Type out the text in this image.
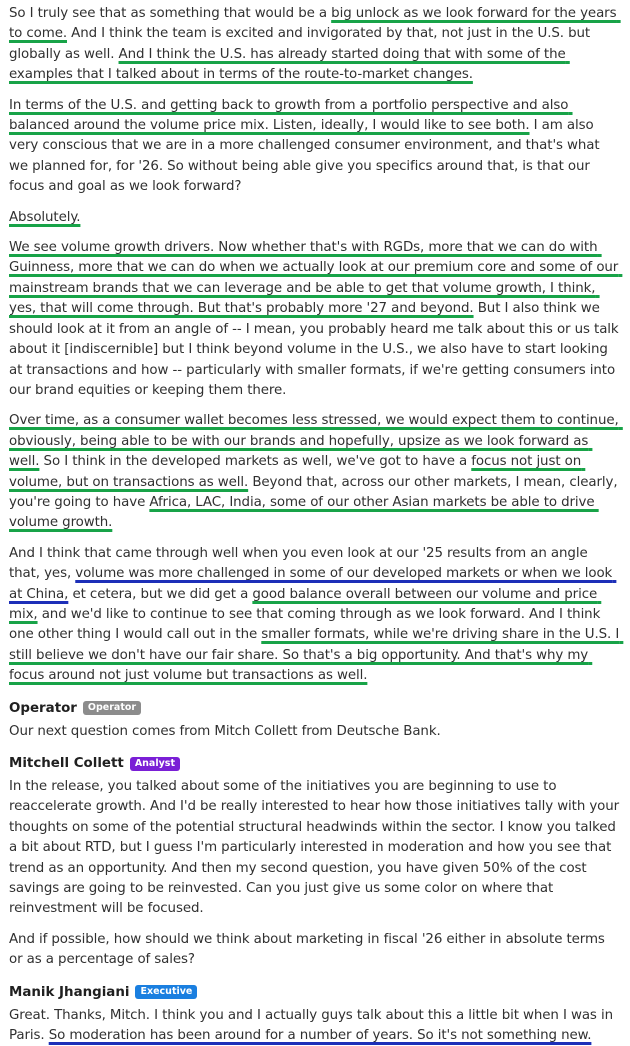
So I truly see that as something that would be a big unlock as we look forward for the years to come. And I think the team is excited and invigorated by that, not just in the U.S. but globally as well. And I think the U.S. has already started doing that with some of the examples that I talked about in terms of the route-to-market changes.

In terms of the U.S. and getting back to growth from a portfolio perspective and also balanced around the volume price mix. Listen, ideally, I would like to see both. I am also very conscious that we are in a more challenged consumer environment, and that's what we planned for, for '26. So without being able give you specifics around that, is that our focus and goal as we look forward?

Absolutely.

We see volume growth drivers. Now whether that's with RGDs, more that we can do with Guinness, more that we can do when we actually look at our premium core and some of our mainstream brands that we can leverage and be able to get that volume growth, I think, yes, that will come through. But that's probably more '27 and beyond. But I also think we should look at it from an angle of -- I mean, you probably heard me talk about this or us talk about it [indiscernible] but I think beyond volume in the U.S., we also have to start looking at transactions and how -- particularly with smaller formats, if we're getting consumers into our brand equities or keeping them there.

Over time, as a consumer wallet becomes less stressed, we would expect them to continue, obviously, being able to be with our brands and hopefully, upsize as we look forward as well. So I think in the developed markets as well, we've got to have a focus not just on volume, but on transactions as well. Beyond that, across our other markets, I mean, clearly, you're going to have Africa, LAC, India, some of our other Asian markets be able to drive volume growth.

And I think that came through well when you even look at our '25 results from an angle that, yes, volume was more challenged in some of our developed markets or when we look at China, et cetera, but we did get a good balance overall between our volume and price mix, and we'd like to continue to see that coming through as we look forward. And I think one other thing I would call out in the smaller formats, while we're driving share in the U.S. I still believe we don't have our fair share. So that's a big opportunity. And that's why my focus around not just volume but transactions as well.

Operator	Operator

Our next question comes from Mitch Collett from Deutsche Bank.

Mitchell Collett	Analyst

In the release, you talked about some of the initiatives you are beginning to use to reaccelerate growth. And I'd be really interested to hear how those initiatives tally with your thoughts on some of the potential structural headwinds within the sector. I know you talked a bit about RTD, but I guess I'm particularly interested in moderation and how you see that trend as an opportunity. And then my second question, you have given 50% of the cost savings are going to be reinvested. Can you just give us some color on where that reinvestment will be focused.

And if possible, how should we think about marketing in fiscal '26 either in absolute terms or as a percentage of sales?

Manik Jhangiani	Executive

Great. Thanks, Mitch. I think you and I actually guys talk about this a little bit when I was in Paris. So moderation has been around for a number of years. So it's not something new.
